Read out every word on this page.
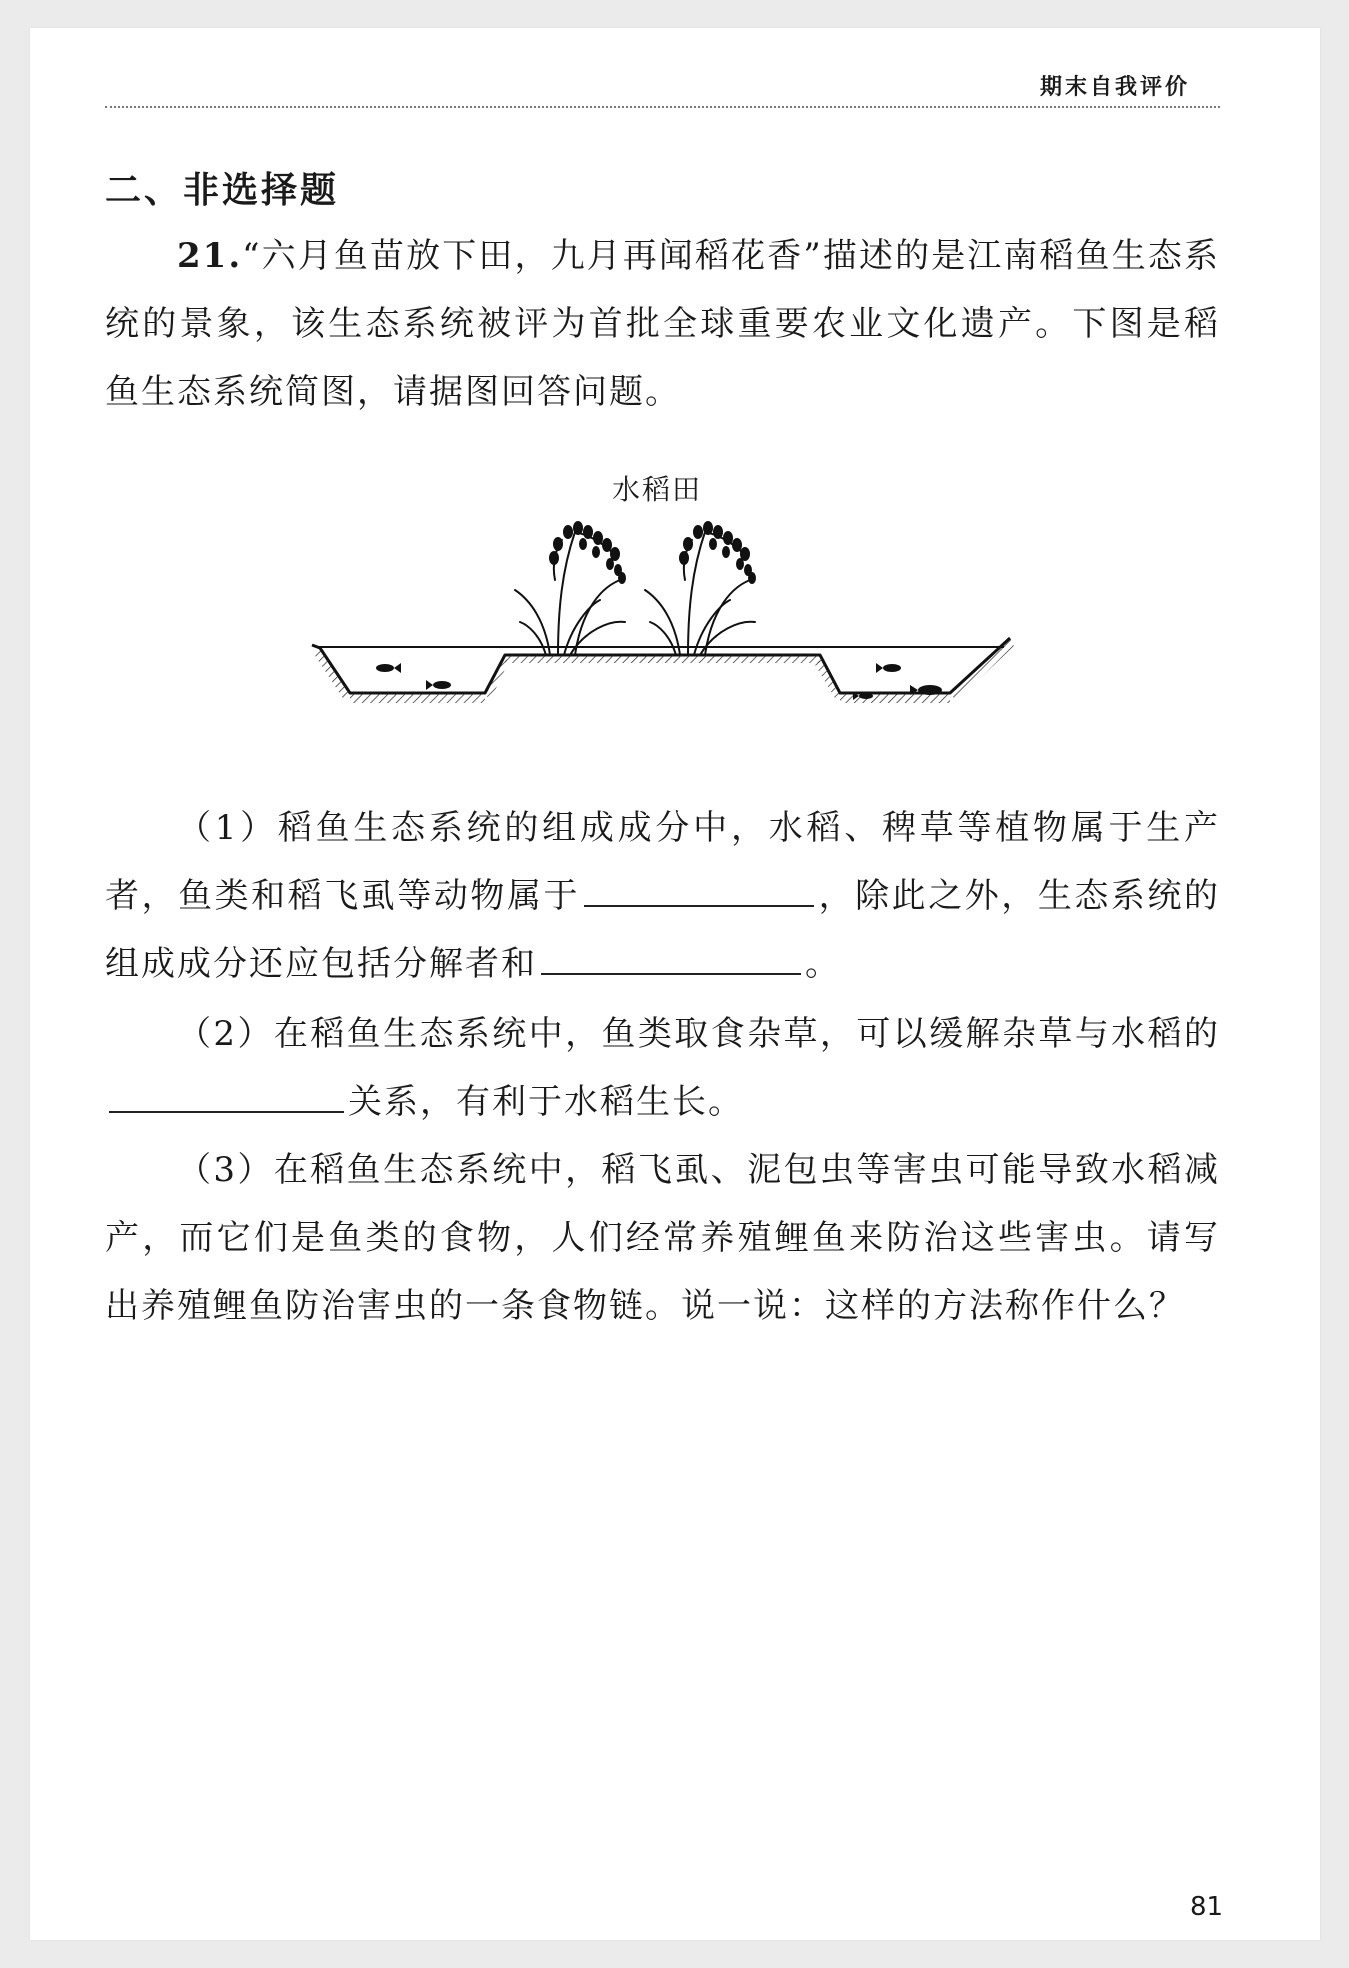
期末自我评价
二、非选择题
21.“六月鱼苗放下田，九月再闻稻花香”描述的是江南稻鱼生态系统的景象，该生态系统被评为首批全球重要农业文化遗产。下图是稻鱼生态系统简图，请据图回答问题。
水稻田
（1）稻鱼生态系统的组成成分中，水稻、稗草等植物属于生产者，鱼类和稻飞虱等动物属于	，除此之外，生态系统的组成成分还应包括分解者和	。
（2）在稻鱼生态系统中，鱼类取食杂草，可以缓解杂草与水稻的关系，有利于水稻生长。
（3）在稻鱼生态系统中，稻飞虱、泥包虫等害虫可能导致水稻减产，而它们是鱼类的食物，人们经常养殖鲤鱼来防治这些害虫。请写出养殖鲤鱼防治害虫的一条食物链。说一说：这样的方法称作什么？
81
